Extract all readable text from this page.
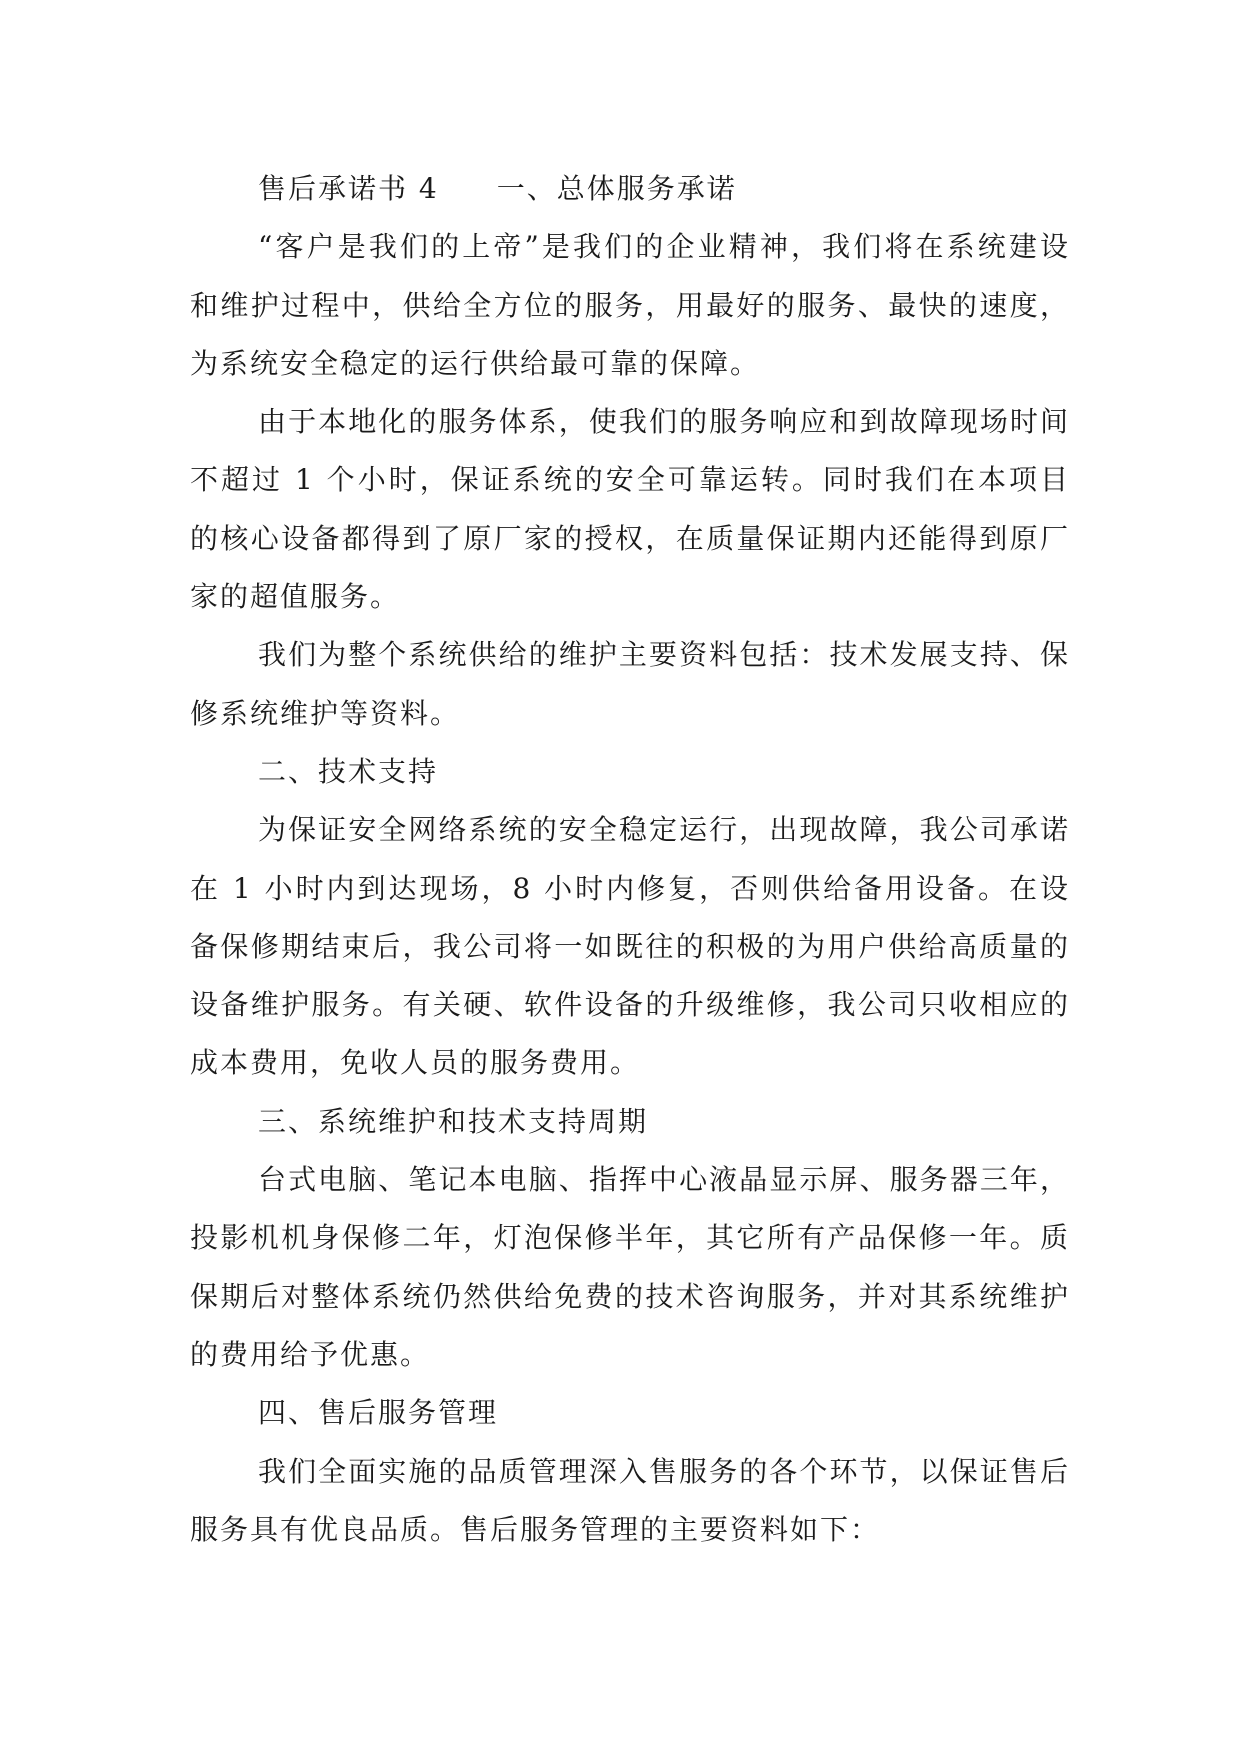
售后承诺书 4 一、总体服务承诺

“客户是我们的上帝”是我们的企业精神，我们将在系统建设和维护过程中，供给全方位的服务，用最好的服务、最快的速度，为系统安全稳定的运行供给最可靠的保障。

由于本地化的服务体系，使我们的服务响应和到故障现场时间不超过 1 个小时，保证系统的安全可靠运转。同时我们在本项目的核心设备都得到了原厂家的授权，在质量保证期内还能得到原厂家的超值服务。

我们为整个系统供给的维护主要资料包括：技术发展支持、保修系统维护等资料。

二、技术支持

为保证安全网络系统的安全稳定运行，出现故障，我公司承诺在 1 小时内到达现场，8 小时内修复，否则供给备用设备。在设备保修期结束后，我公司将一如既往的积极的为用户供给高质量的设备维护服务。有关硬、软件设备的升级维修，我公司只收相应的成本费用，免收人员的服务费用。

三、系统维护和技术支持周期

台式电脑、笔记本电脑、指挥中心液晶显示屏、服务器三年，投影机机身保修二年，灯泡保修半年，其它所有产品保修一年。质保期后对整体系统仍然供给免费的技术咨询服务，并对其系统维护的费用给予优惠。

四、售后服务管理

我们全面实施的品质管理深入售服务的各个环节，以保证售后服务具有优良品质。售后服务管理的主要资料如下：
